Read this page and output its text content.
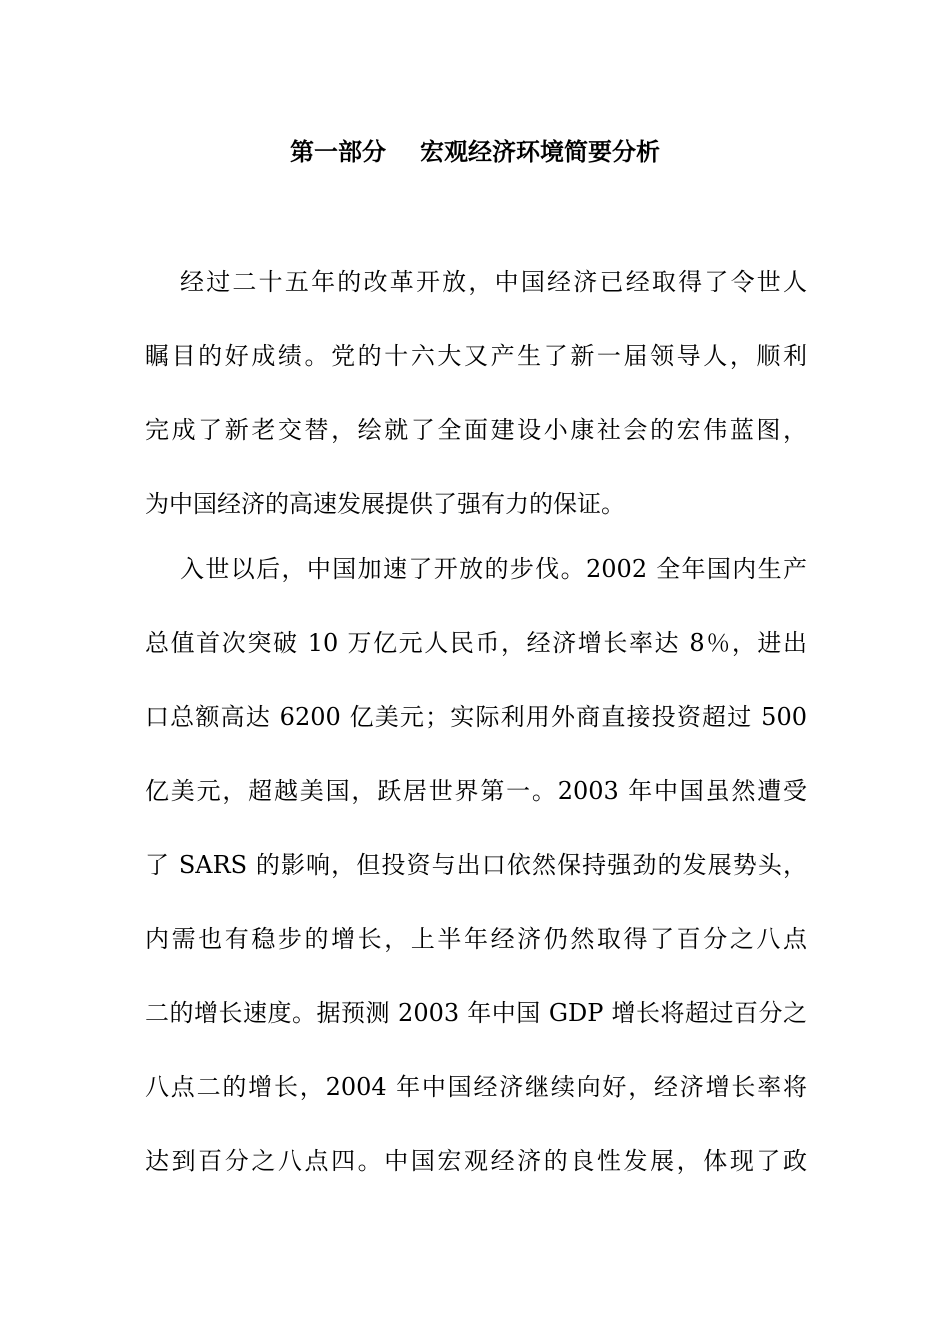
第一部分 宏观经济环境简要分析
经过二十五年的改革开放，中国经济已经取得了令世人
瞩目的好成绩。党的十六大又产生了新一届领导人，顺利
完成了新老交替，绘就了全面建设小康社会的宏伟蓝图，
为中国经济的高速发展提供了强有力的保证。
入世以后，中国加速了开放的步伐。2002 全年国内生产
总值首次突破 10 万亿元人民币，经济增长率达 8％，进出
口总额高达 6200 亿美元；实际利用外商直接投资超过 500
亿美元，超越美国，跃居世界第一。2003 年中国虽然遭受
了 SARS 的影响，但投资与出口依然保持强劲的发展势头，
内需也有稳步的增长，上半年经济仍然取得了百分之八点
二的增长速度。据预测 2003 年中国 GDP 增长将超过百分之
八点二的增长，2004 年中国经济继续向好，经济增长率将
达到百分之八点四。中国宏观经济的良性发展，体现了政
